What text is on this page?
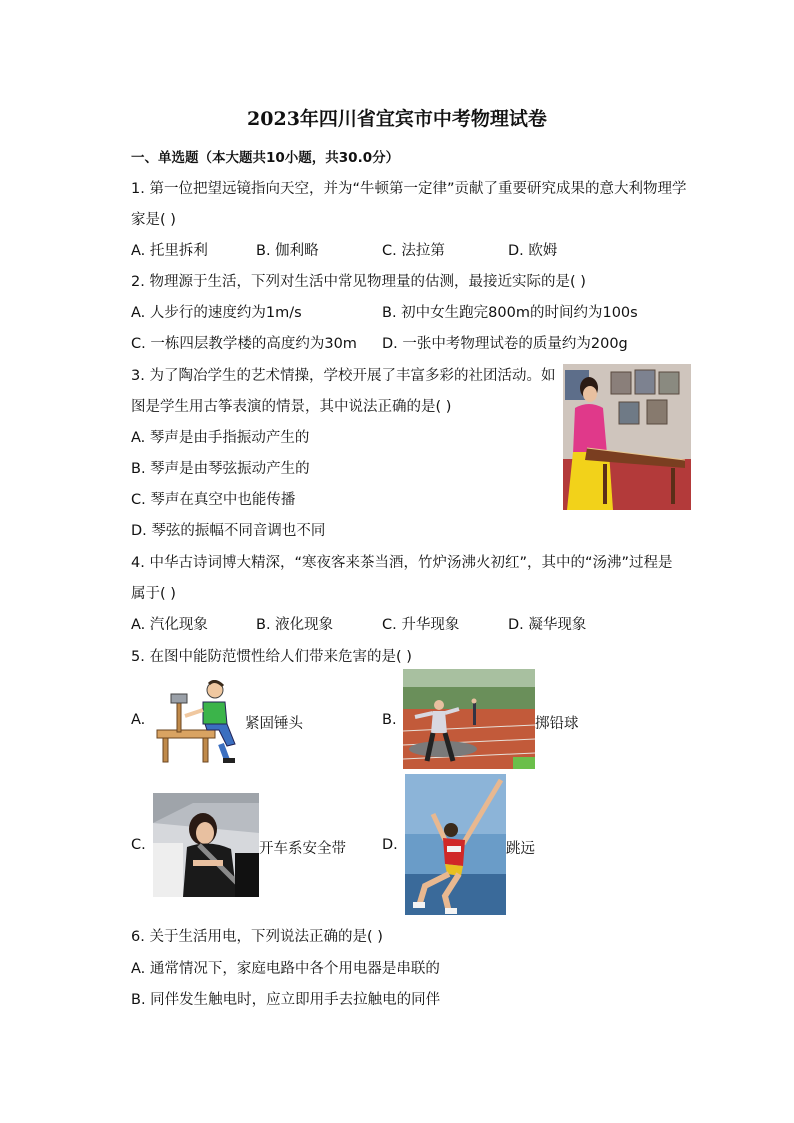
2023年四川省宜宾市中考物理试卷
一、单选题（本大题共10小题，共30.0分）
1. 第一位把望远镜指向天空，并为“牛顿第一定律”贡献了重要研究成果的意大利物理学
家是( )
A. 托里拆利	B. 伽利略	C. 法拉第	D. 欧姆
2. 物理源于生活，下列对生活中常见物理量的估测，最接近实际的是( )
A. 人步行的速度约为1m/s	B. 初中女生跑完800m的时间约为100s
C. 一栋四层教学楼的高度约为30m D. 一张中考物理试卷的质量约为200g
3. 为了陶冶学生的艺术情操，学校开展了丰富多彩的社团活动。如
图是学生用古筝表演的情景，其中说法正确的是( )
A. 琴声是由手指振动产生的
B. 琴声是由琴弦振动产生的
C. 琴声在真空中也能传播
D. 琴弦的振幅不同音调也不同
4. 中华古诗词博大精深，“寒夜客来茶当酒，竹炉汤沸火初红”，其中的“汤沸”过程是
属于( )
A. 汽化现象	B. 液化现象	C. 升华现象	D. 凝华现象
5. 在图中能防范惯性给人们带来危害的是( )
A.	紧固锤头	B.	掷铅球
C.	开车系安全带 D.	跳远
6. 关于生活用电，下列说法正确的是( )
A. 通常情况下，家庭电路中各个用电器是串联的
B. 同伴发生触电时，应立即用手去拉触电的同伴
